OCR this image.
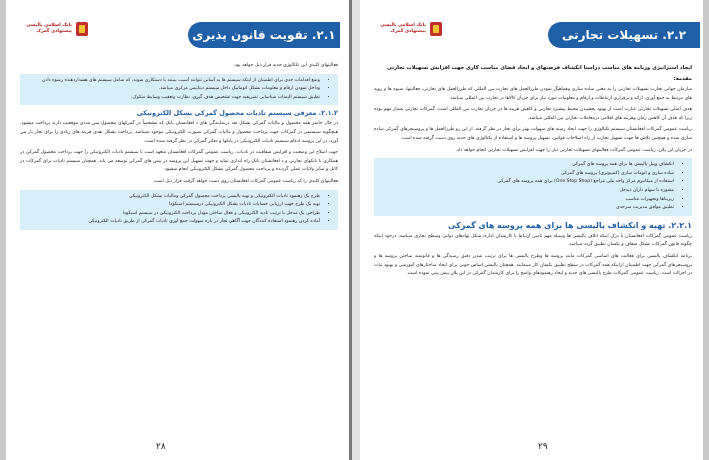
۲.۱. تقویت قانون پذیری
بانک اسلامی پالیسی پیشنهادی گمرک

فعالیتهای کلیدی این تکتالوژی جدید قرار ذیل خواهد بود.

• وضع اقدامات جدی برای اطمینان از اینکه سیستم ها به آسانی نتوانند آسیب ببینند با دستکاری شوند، که شامل سیستم های هشداردهنده رشوه دادن
• وداخل نمودن ارقام و معلومات بشکل اتوماتیک داخل سیستم دیتابیس مرکزی میباشد.
• تطبیق سیستم الیمنات شناسایی تصریفیه جهت تشخیص هدف گیری، نظارت وتعقیب وسایط متکوک.
۲.۱.۲. معرفی سیستم تادیات محصول گمرکی بشکل الکترونیکی

در حال حاضر همه محصول و مالیات گمرکی بشکل نقد درنمایندگی های د افغانستان بانک که مشخصاً در گمرکهای محصول پس مددی موقعیت دارند پرداخت میشود. هیچگونه سیستمی در گمرکات جهت پرداخت محصول و مالیات گمرکی بصورت الکترونیکی موجود نمیباشد. پرداخت بشکل نقدی هزینه های زیادی را برای تجار بار می آورد، در این پروسه ادغام سیستم تادیات الکترونیکی در بانکها و دفاتر گمرکی در نظر گرفته شده است.

جهت اصلاح این وضعیت و افزایش شفافیت در تادیات، ریاست عمومی گمرکات افغانستان متعهد است تا سیستم تادیات الکترونیکی را جهت پرداخت محصول گمرکی در همکاری با بانکهای تجارتی و د افغانستان بانک راه اندازی نماید و جهت تسهیل این پروسه در بیس های گمرکی توسعه می یابد. همچنان سیستم تادیات برای گمرکات در کابل و سایر ولایات عملی گردیده و پرداخت محصول گمرکی بشکل الکترونیکی انجام میشود.

فعالیتهای کلیدی را که ریاست عمومی گمرکات افغانستان روی دست خواهد گرفت قرار ذیل است.

• طرح یک رهنمود تادیات الکترونیکی و تهیه پالیسی پرداخت محصول گمرکی ومالیات بشکل الکترونیکی
• تهیه یک طرح جهت ارزیابی حسابات تادیات بشکل الکترونیکی درسیستم اسیکودا
• طراحی یک مدخل با ترتیب تادیه الکترونیکی و فعال ساختن مودل پرداخت الکترونیکی در سیستم اسیکودا
• آماده کردن رهنمود استفاده کنندگان جهت آگاهی تجار در باره سهولت جمع آوری تادیات گمرکی از طریق تادیات الکترونیکی
۲۸
۲.۲. تسهیلات تجارتی
بانک اسلامی پالیسی پیشنهادی گمرک
ایجاد استراتیژی ورنامه های مناسب دراستا انکشاف فرصتهای و ایجاد فضای مناسب کاری جهت افزایش تسهیلات تجارتی
مقدمه:

سازمان جهانی تجارت تسهیلات تجارتی را به معنی ساده سازی وهماهنگ نمودن طرزالعمل های تجارت بین المللی که طرزالعمل های تجارتی، فعالیتها، شیوه ها و رویه های مرتبط به جمع آوری، ارائه و برقراری ارتباطات و ارقام و معلومات مورد نیاز برای جریان کالاها در تجارت بین المللی میباشد.

هدف اصلی تسهیلات تجارتی عبارت است از بهبود بخشیدن محیط پیشبرد تجارتی و کاهش هزینه ها در جریان تجارت بین المللی است. گمرکات تجارتی بسیار مهم بوده زیرا که هدف آن کاهش زمان وهزینه های اقلامی درمعاملات تجارتی بین المللی میباشد.

ریاست عمومی گمرکات افغانستان سیستم تکنالوژی را جهت ایجاد زمینه های سهولت بهتر برای تجار در نظر گرفته، از این رو طرزالعمل ها و پروسیجرهای گمرکی ساده سازی شده و همچنین تلاش ها جهت تسهیل تجارت از راه اصلاحات قوانین، تسهیل پروسه ها و استفاده از تکنالوژی های جدید روی دست گرفته شده است.

در جریان این پلان، ریاست عمومی گمرکات فعالیتهای تسهیلات تجارتی ذیل را جهت افزایش تسهیلات تجارتی انجام خواهد داد.

• انکشاف ویبل پالیسی ها برای همه پروسه های گمرکی
• ساده سازی و اتومات سازی (کمپیوتری) پروسه های گمرکی
• استفاده از میکانیزم مرکز واحد ملی مراجع (One Stop Shop) برای همه پروسه های گمرکی
• مشوره با سهام داران ذیدخل
• زیربناها وتجهیزات مناسب
• تطبیق موافق مدیریت سرحدی
۲.۲.۱. تهیه و انکشاف پالیسی ها برای همه پروسه های گمرکی

ریاست عمومی گمرکات افغانستان با درک اینکه اتلاف پالیسی ها وسیله مهم تامین ارتباط با کارمندان اداره، شکل نهادهای دولتی وسطح تجاری میباشد، درخود اینکه چگونه قانون گمرکات بشکل شفاف و یکسان تطبیق گردد میباشد.

برنامه انکشاف پالیسی برای فعالیت های اساسی گمرکات مانند پروسه ها وطرح پالیسی ها برای ترتیب شدن دقیق رسیدگی ها و قانونمند ساختن پروسه ها و پروسیجرهای گمرکی جهت اطمینان ازاینکه همه گمرکات در سطح تطبیق یکسان کار مینمایند. همچنان پالیسی اساس خوبی برای ایجاد ساختارهای آموزشی و بهبود ثبات در اجراات است. ریاست عمومی گمرکات طرح پالیسی های جدید و ایجاد رهنمودهای واضح را برای کارمندان گمرکی در این پلان پیش بینی نموده است.

۲۹
